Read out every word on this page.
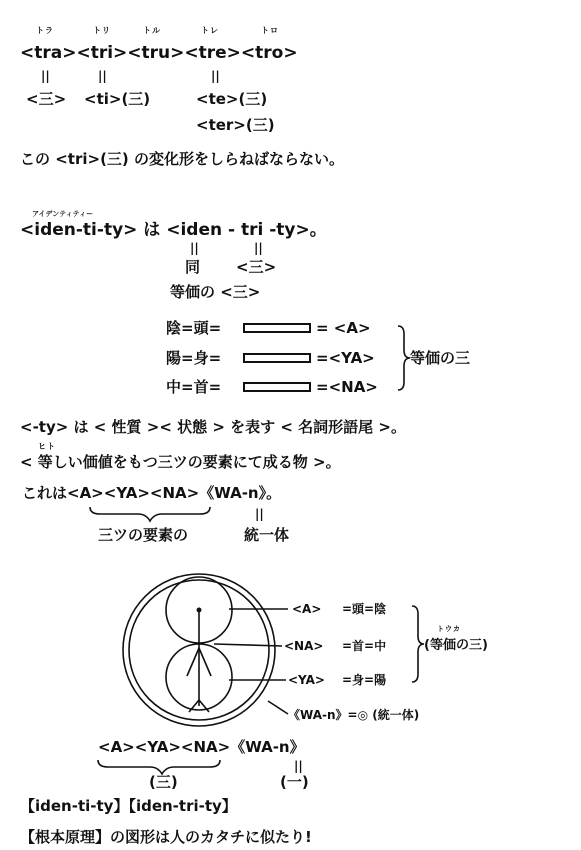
トラ	トリ	トル	トレ	トロ
<tra><tri><tru><tre><tro>
||	||	||
<三> <ti>(三)	<te>(三)
<ter>(三)
この <tri>(三) の変化形をしらねばならない。
アイデンティティー
<iden-ti-ty> は <iden - tri -ty>。
||	||
同 <三>
等価の <三>
陰=頭=	= <A>
陽=身=	=<YA>
中=首=	=<NA>
等価の三
<-ty> は < 性質 >< 状態 > を表す < 名詞形語尾 >。
ヒト
< 等しい価値をもつ三ツの要素にて成る物 >。
これは<A><YA><NA>《WA-n》。
||
三ツの要素の	統一体
<A> =頭=陰
<NA> =首=中
<YA> =身=陽
トウカ
(等価の三)
《WA-n》=◎ (統一体)
<A><YA><NA>《WA-n》
||
(三)	(一)
【iden-ti-ty】【iden-tri-ty】
【根本原理】の図形は人のカタチに似たり!
